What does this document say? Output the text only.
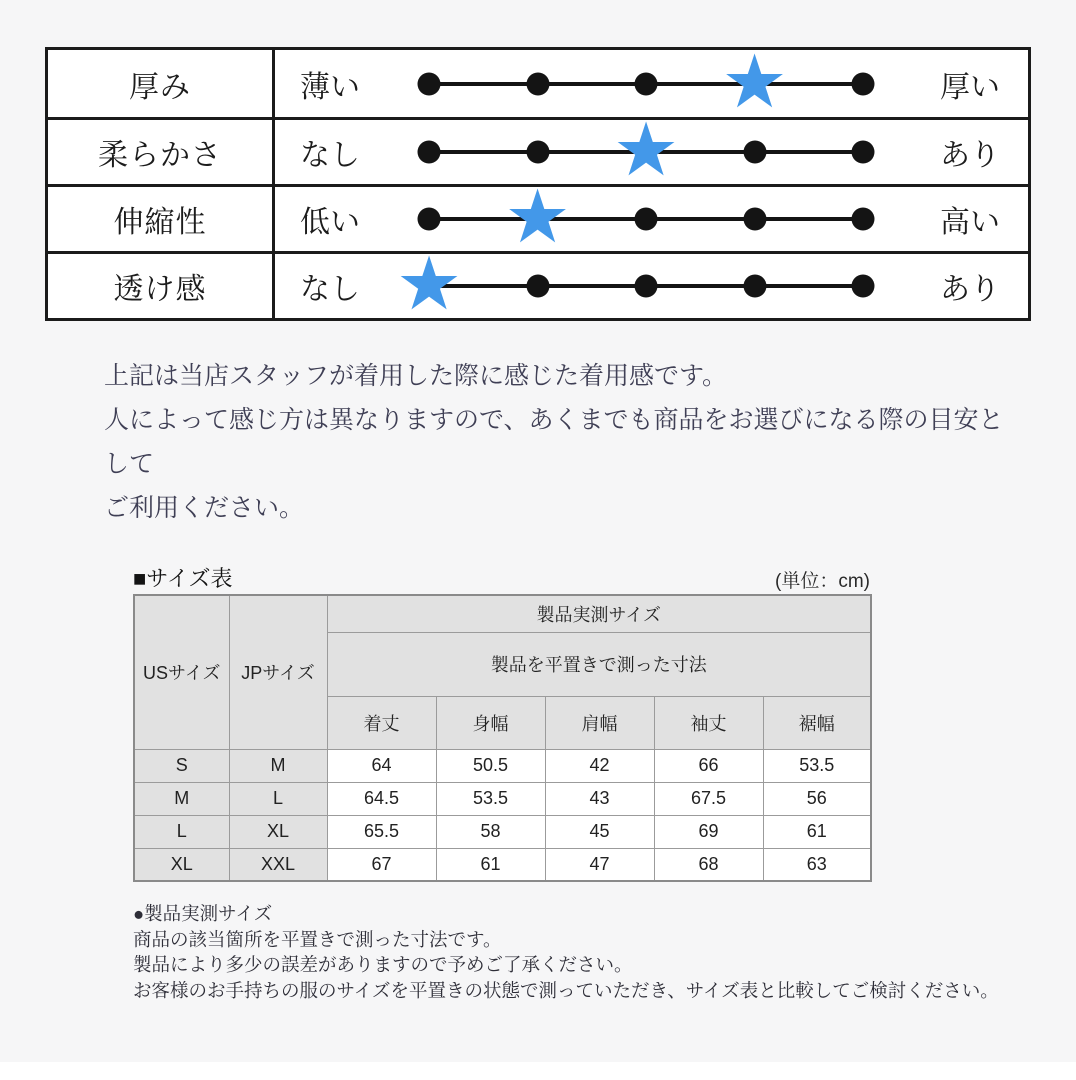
厚み	薄い	★	厚い
柔らかさ	なし	★	あり
伸縮性	低い	★	高い
透け感	なし ★	あり
上記は当店スタッフが着用した際に感じた着用感です。
人によって感じ方は異なりますので、あくまでも商品をお選びになる際の目安として
ご利用ください。
■サイズ表	(単位：cm)
USサイズ	JPサイズ	製品実測サイズ				
		製品を平置きで測った寸法				
		着丈	身幅	肩幅	袖丈	裾幅
S	M	64	50.5	42	66	53.5
M	L	64.5	53.5	43	67.5	56
L	XL	65.5	58	45	69	61
XL	XXL	67	61	47	68	63
●製品実測サイズ
商品の該当箇所を平置きで測った寸法です。
製品により多少の誤差がありますので予めご了承ください。
お客様のお手持ちの服のサイズを平置きの状態で測っていただき、サイズ表と比較してご検討ください。
